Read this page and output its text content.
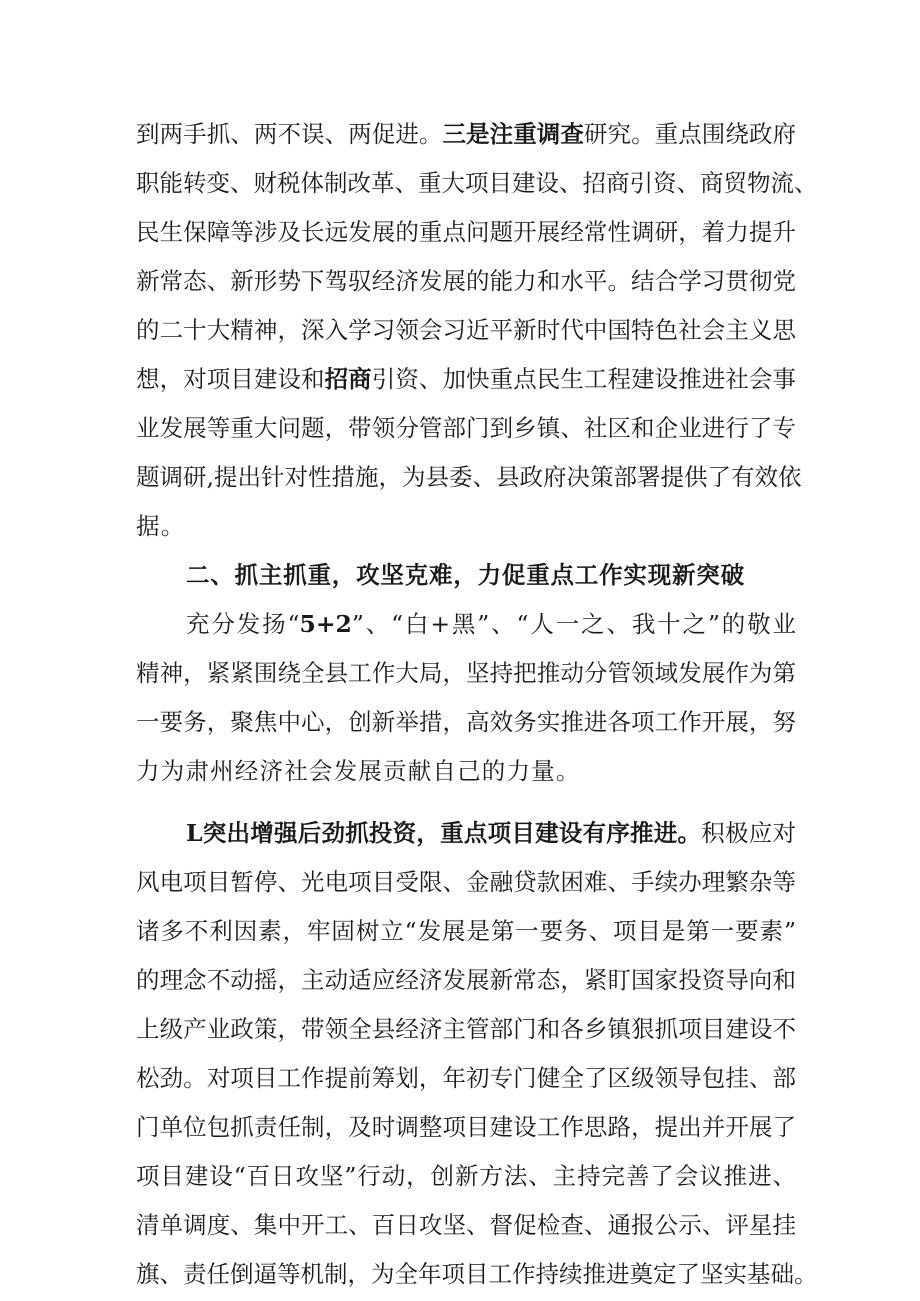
到两手抓、两不误、两促进。三是注重调查研究。重点围绕政府
职能转变、财税体制改革、重大项目建设、招商引资、商贸物流、
民生保障等涉及长远发展的重点问题开展经常性调研，着力提升
新常态、新形势下驾驭经济发展的能力和水平。结合学习贯彻党
的二十大精神，深入学习领会习近平新时代中国特色社会主义思
想，对项目建设和招商引资、加快重点民生工程建设推进社会事
业发展等重大问题，带领分管部门到乡镇、社区和企业进行了专
题调研,提出针对性措施，为县委、县政府决策部署提供了有效依
据。
二、抓主抓重，攻坚克难，力促重点工作实现新突破
充分发扬“5+2”、“白+黑”、“人一之、我十之”的敬业
精神，紧紧围绕全县工作大局，坚持把推动分管领域发展作为第
一要务，聚焦中心，创新举措，高效务实推进各项工作开展，努
力为肃州经济社会发展贡献自己的力量。
L突出增强后劲抓投资，重点项目建设有序推进。积极应对
风电项目暂停、光电项目受限、金融贷款困难、手续办理繁杂等
诸多不利因素，牢固树立“发展是第一要务、项目是第一要素”
的理念不动摇，主动适应经济发展新常态，紧盯国家投资导向和
上级产业政策，带领全县经济主管部门和各乡镇狠抓项目建设不
松劲。对项目工作提前筹划，年初专门健全了区级领导包挂、部
门单位包抓责任制，及时调整项目建设工作思路，提出并开展了
项目建设“百日攻坚”行动，创新方法、主持完善了会议推进、
清单调度、集中开工、百日攻坚、督促检查、通报公示、评星挂
旗、责任倒逼等机制，为全年项目工作持续推进奠定了坚实基础。
